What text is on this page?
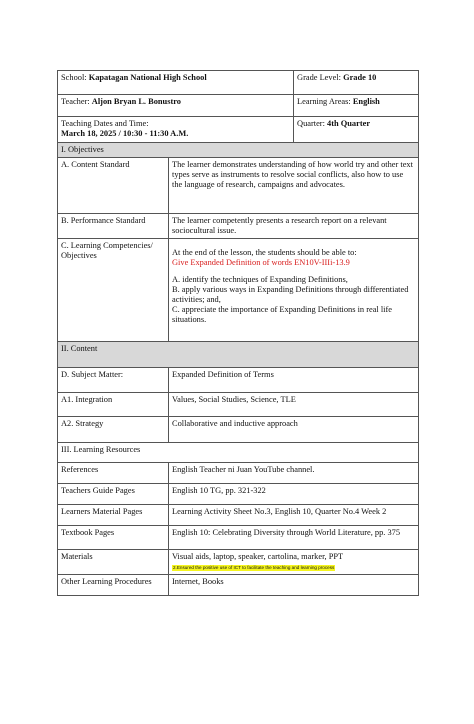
School: Kapatagan National High School		Grade Level: Grade 10
Teacher: Aljon Bryan L. Bonustro		Learning Areas: English

Teaching Dates and Time:

March 18, 2025 / 10:30 - 11:30 A.M.		Quarter: 4th Quarter
I. Objectives		
A. Content Standard	The learner demonstrates understanding of how world try and other text types serve as instruments to resolve social conflicts, also how to use the language of research, campaigns and advocates.	
B. Performance Standard	The learner competently presents a research report on a relevant sociocultural issue.	
C. Learning Competencies/ Objectives	At the end of the lesson, the students should be able to:

Give Expanded Definition of words EN10V-IIIi-13.9

A. identify the techniques of Expanding Definitions,

B. apply various ways in Expanding Definitions through differentiated activities; and,

C. appreciate the importance of Expanding Definitions in real life situations.	

II. Content		
D. Subject Matter:	Expanded Definition of Terms	
A1. Integration	Values, Social Studies, Science, TLE	
A2. Strategy	Collaborative and inductive approach	
III. Learning Resources		
References	English Teacher ni Juan YouTube channel.	
Teachers Guide Pages	English 10 TG, pp. 321-322	
Learners Material Pages	Learning Activity Sheet No.3, English 10, Quarter No.4 Week 2	
Textbook Pages	English 10: Celebrating Diversity through World Literature, pp. 375	
Materials	Visual aids, laptop, speaker, cartolina, marker, PPT

2.Ensured the positive use of ICT to facilitate the teaching and learning process	
Other Learning Procedures	Internet, Books	
